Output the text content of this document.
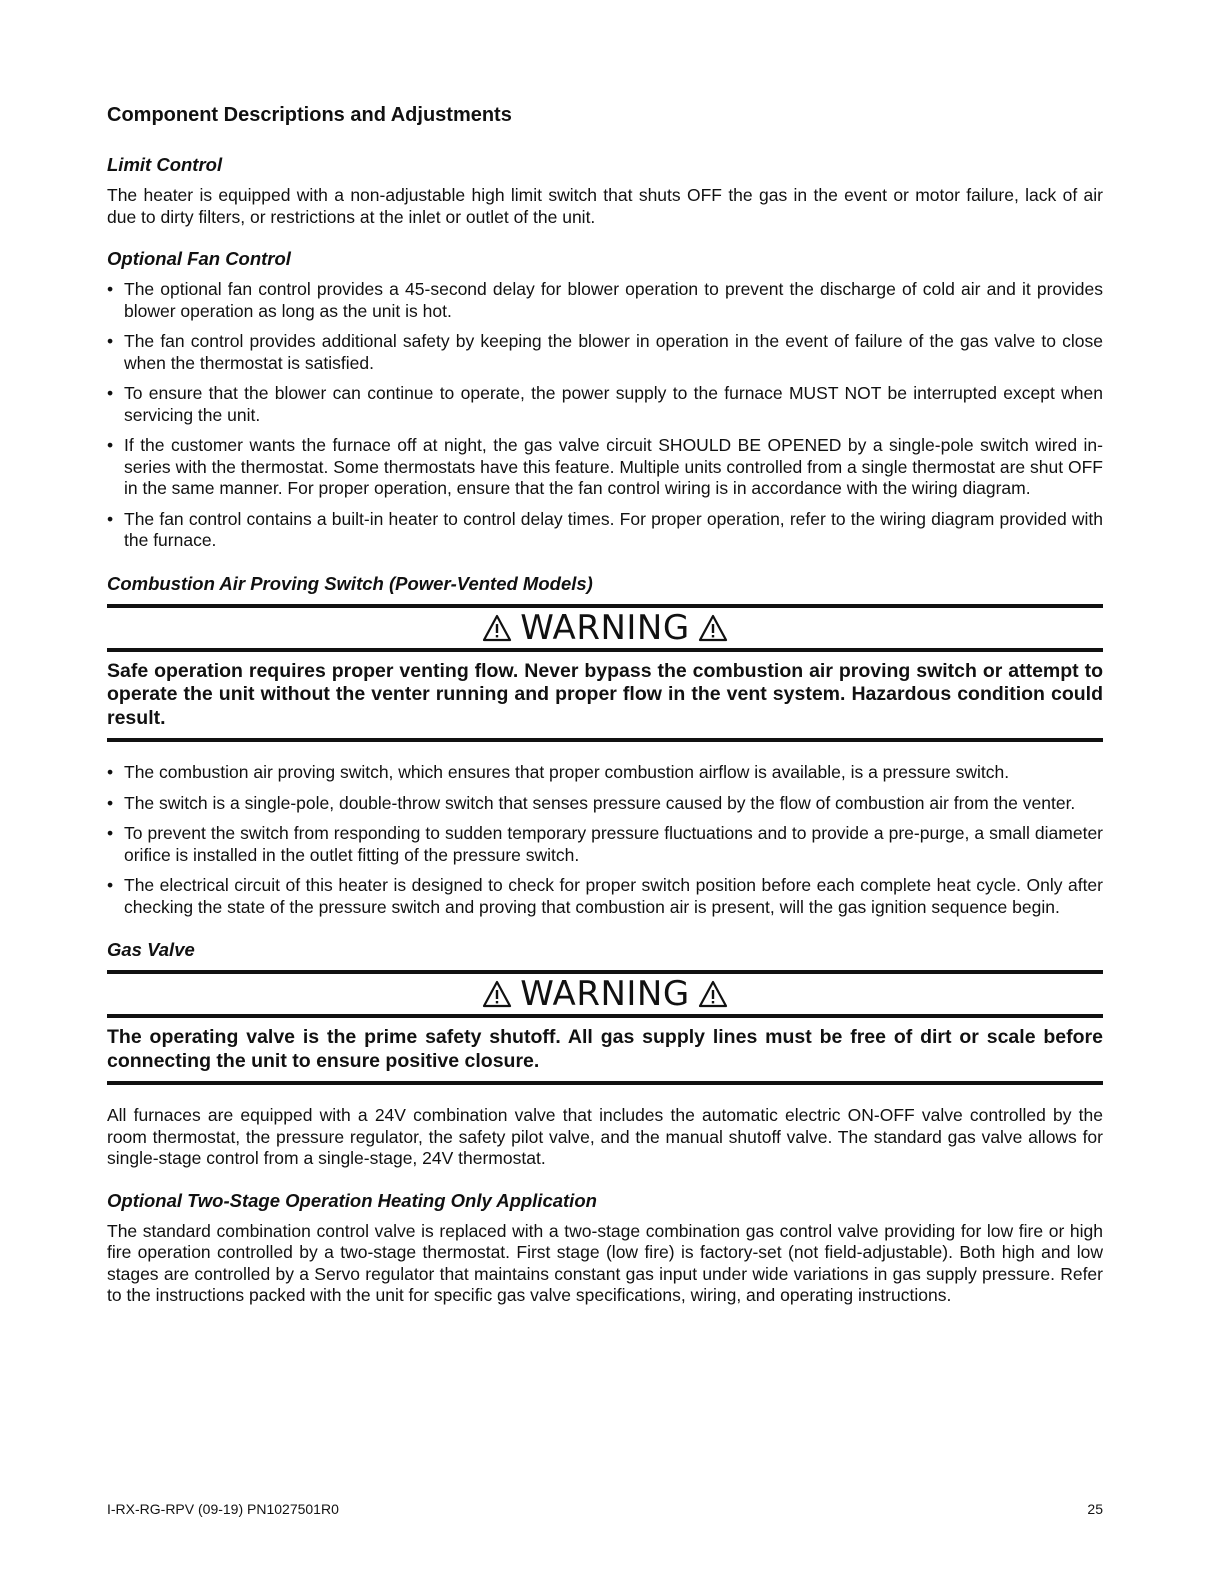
Component Descriptions and Adjustments
Limit Control

The heater is equipped with a non-adjustable high limit switch that shuts OFF the gas in the event or motor failure, lack of air due to dirty filters, or restrictions at the inlet or outlet of the unit.

Optional Fan Control
• The optional fan control provides a 45-second delay for blower operation to prevent the discharge of cold air and it provides blower operation as long as the unit is hot.
• The fan control provides additional safety by keeping the blower in operation in the event of failure of the gas valve to close when the thermostat is satisfied.
• To ensure that the blower can continue to operate, the power supply to the furnace MUST NOT be interrupted except when servicing the unit.
• If the customer wants the furnace off at night, the gas valve circuit SHOULD BE OPENED by a single-pole switch wired in-series with the thermostat. Some thermostats have this feature. Multiple units controlled from a single thermostat are shut OFF in the same manner. For proper operation, ensure that the fan control wiring is in accordance with the wiring diagram.
• The fan control contains a built-in heater to control delay times. For proper operation, refer to the wiring diagram provided with the furnace.
Combustion Air Proving Switch (Power-Vented Models)
WARNING
Safe operation requires proper venting flow. Never bypass the combustion air proving switch or attempt to operate the unit without the venter running and proper flow in the vent system. Hazardous condition could result.
• The combustion air proving switch, which ensures that proper combustion airflow is available, is a pressure switch.
• The switch is a single-pole, double-throw switch that senses pressure caused by the flow of combustion air from the venter.
• To prevent the switch from responding to sudden temporary pressure fluctuations and to provide a pre-purge, a small diameter orifice is installed in the outlet fitting of the pressure switch.
• The electrical circuit of this heater is designed to check for proper switch position before each complete heat cycle. Only after checking the state of the pressure switch and proving that combustion air is present, will the gas ignition sequence begin.
Gas Valve
WARNING
The operating valve is the prime safety shutoff. All gas supply lines must be free of dirt or scale before connecting the unit to ensure positive closure.

All furnaces are equipped with a 24V combination valve that includes the automatic electric ON-OFF valve controlled by the room thermostat, the pressure regulator, the safety pilot valve, and the manual shutoff valve. The standard gas valve allows for single-stage control from a single-stage, 24V thermostat.

Optional Two-Stage Operation Heating Only Application

The standard combination control valve is replaced with a two-stage combination gas control valve providing for low fire or high fire operation controlled by a two-stage thermostat. First stage (low fire) is factory-set (not field-adjustable). Both high and low stages are controlled by a Servo regulator that maintains constant gas input under wide variations in gas supply pressure. Refer to the instructions packed with the unit for specific gas valve specifications, wiring, and operating instructions.

I-RX-RG-RPV (09-19) PN1027501R0	25
